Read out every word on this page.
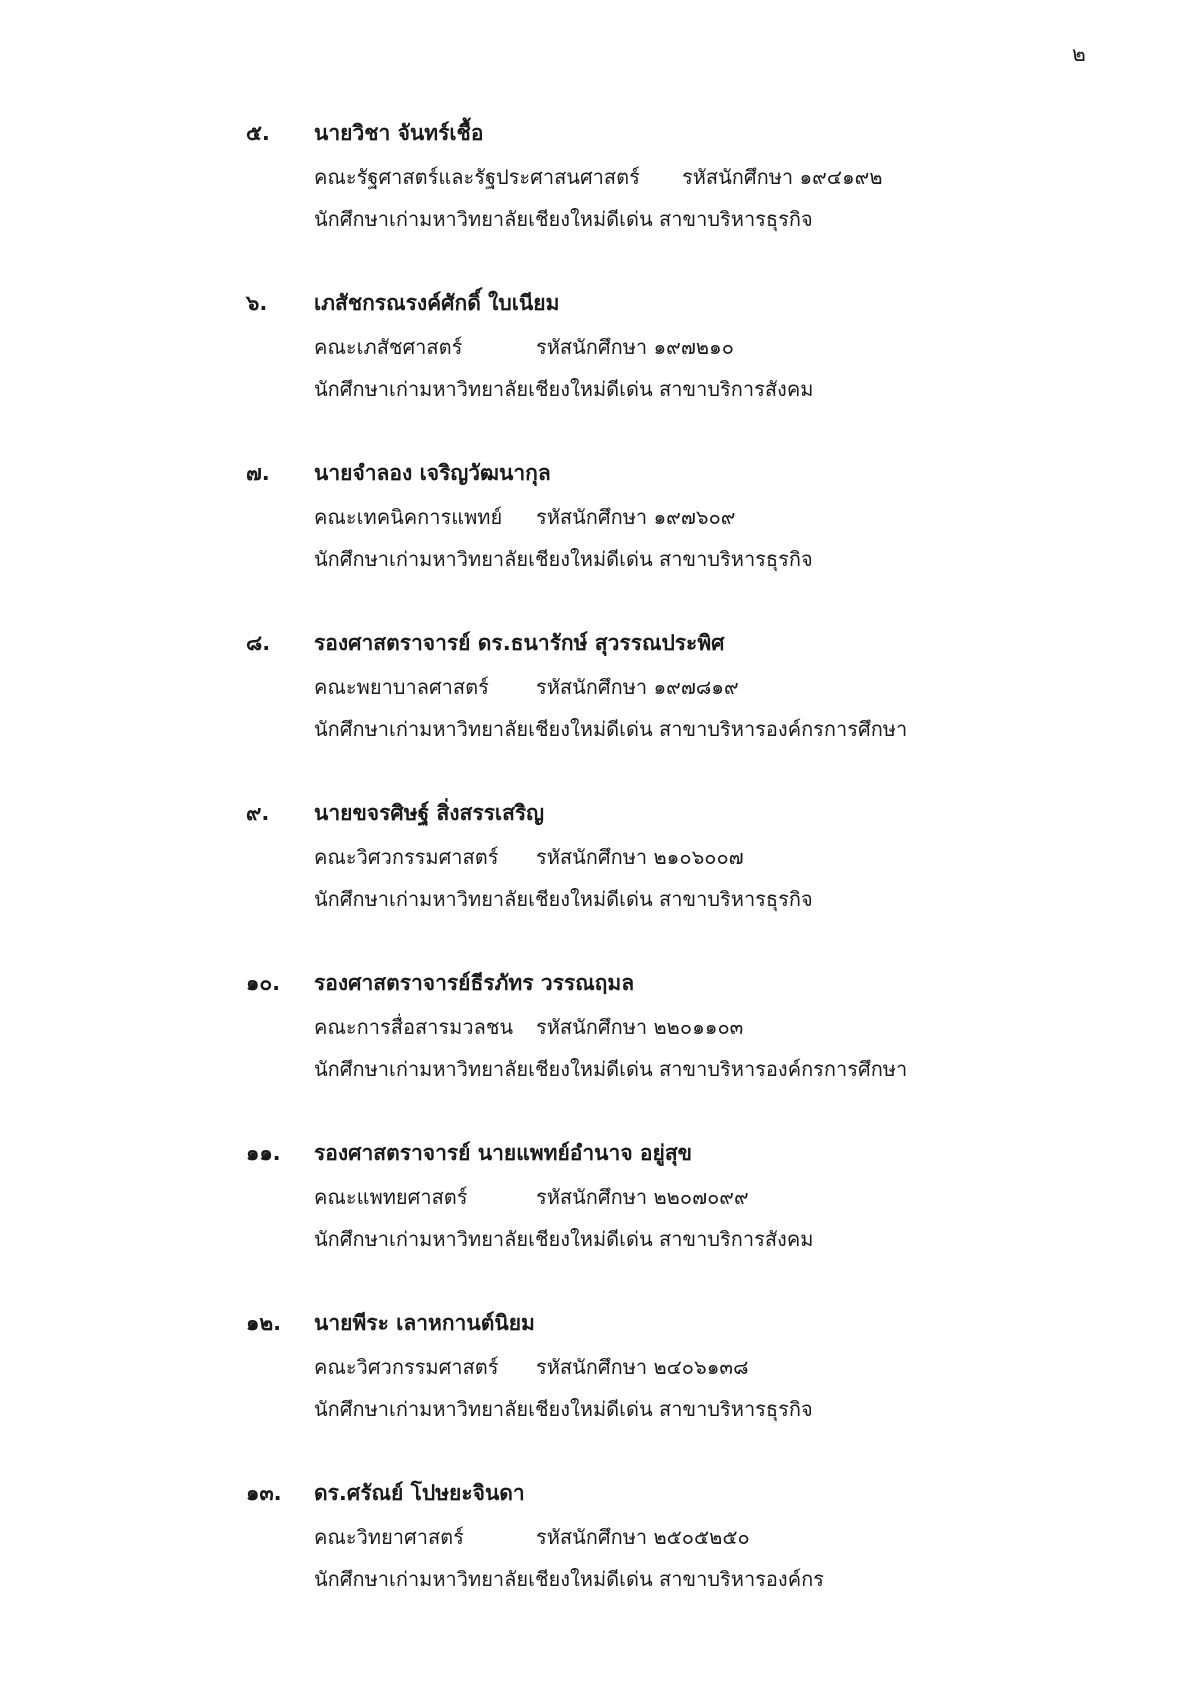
๒
๕. นายวิชา จันทร์เชื้อ
คณะรัฐศาสตร์และรัฐประศาสนศาสตร์ รหัสนักศึกษา ๑๙๔๑๙๒
นักศึกษาเก่ามหาวิทยาลัยเชียงใหม่ดีเด่น สาขาบริหารธุรกิจ
๖. เภสัชกรณรงค์ศักดิ์ ใบเนียม
คณะเภสัชศาสตร์	รหัสนักศึกษา ๑๙๗๒๑๐
นักศึกษาเก่ามหาวิทยาลัยเชียงใหม่ดีเด่น สาขาบริการสังคม
๗. นายจำลอง เจริญวัฒนากุล
คณะเทคนิคการแพทย์ รหัสนักศึกษา ๑๙๗๖๐๙
นักศึกษาเก่ามหาวิทยาลัยเชียงใหม่ดีเด่น สาขาบริหารธุรกิจ
๘. รองศาสตราจารย์ ดร.ธนารักษ์ สุวรรณประพิศ
คณะพยาบาลศาสตร์ รหัสนักศึกษา ๑๙๗๘๑๙
นักศึกษาเก่ามหาวิทยาลัยเชียงใหม่ดีเด่น สาขาบริหารองค์กรการศึกษา
๙. นายขจรศิษฐ์ สิ่งสรรเสริญ
คณะวิศวกรรมศาสตร์ รหัสนักศึกษา ๒๑๐๖๐๐๗
นักศึกษาเก่ามหาวิทยาลัยเชียงใหม่ดีเด่น สาขาบริหารธุรกิจ
๑๐. รองศาสตราจารย์ธีรภัทร วรรณฤมล
คณะการสื่อสารมวลชน รหัสนักศึกษา ๒๒๐๑๑๐๓
นักศึกษาเก่ามหาวิทยาลัยเชียงใหม่ดีเด่น สาขาบริหารองค์กรการศึกษา
๑๑. รองศาสตราจารย์ นายแพทย์อำนาจ อยู่สุข
คณะแพทยศาสตร์	รหัสนักศึกษา ๒๒๐๗๐๙๙
นักศึกษาเก่ามหาวิทยาลัยเชียงใหม่ดีเด่น สาขาบริการสังคม
๑๒. นายพีระ เลาหกานต์นิยม
คณะวิศวกรรมศาสตร์ รหัสนักศึกษา ๒๔๐๖๑๓๘
นักศึกษาเก่ามหาวิทยาลัยเชียงใหม่ดีเด่น สาขาบริหารธุรกิจ
๑๓. ดร.ศรัณย์ โปษยะจินดา
คณะวิทยาศาสตร์	รหัสนักศึกษา ๒๕๐๕๒๕๐
นักศึกษาเก่ามหาวิทยาลัยเชียงใหม่ดีเด่น สาขาบริหารองค์กร
